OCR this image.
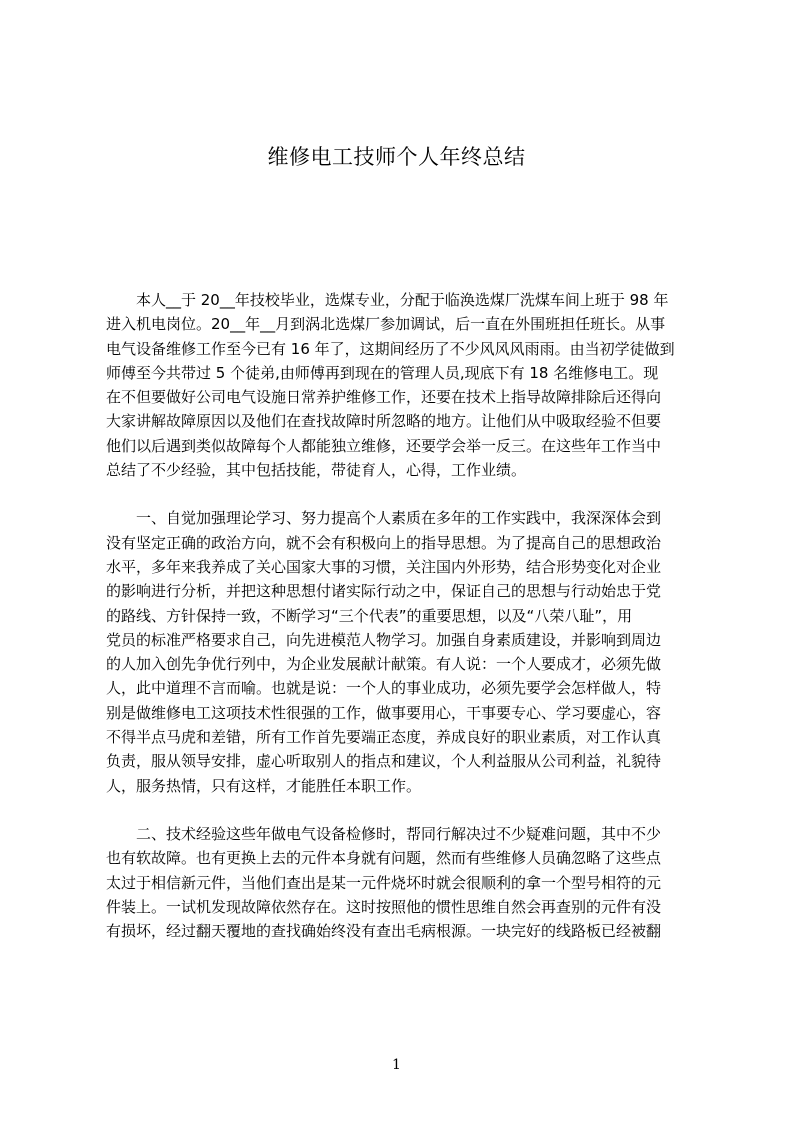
维修电工技师个人年终总结
本人__于 20__年技校毕业，选煤专业，分配于临涣选煤厂洗煤车间上班于 98 年
进入机电岗位。20__年__月到涡北选煤厂参加调试，后一直在外围班担任班长。从事
电气设备维修工作至今已有 16 年了，这期间经历了不少风风风雨雨。由当初学徒做到
师傅至今共带过 5 个徒弟,由师傅再到现在的管理人员,现底下有 18 名维修电工。现
在不但要做好公司电气设施日常养护维修工作，还要在技术上指导故障排除后还得向
大家讲解故障原因以及他们在查找故障时所忽略的地方。让他们从中吸取经验不但要
他们以后遇到类似故障每个人都能独立维修，还要学会举一反三。在这些年工作当中
总结了不少经验，其中包括技能，带徒育人，心得，工作业绩。
一、自觉加强理论学习、努力提高个人素质在多年的工作实践中，我深深体会到
没有坚定正确的政治方向，就不会有积极向上的指导思想。为了提高自己的思想政治
水平，多年来我养成了关心国家大事的习惯，关注国内外形势，结合形势变化对企业
的影响进行分析，并把这种思想付诸实际行动之中，保证自己的思想与行动始忠于党
的路线、方针保持一致，不断学习“三个代表”的重要思想，以及“八荣八耻”，用
党员的标准严格要求自己，向先进模范人物学习。加强自身素质建设，并影响到周边
的人加入创先争优行列中，为企业发展献计献策。有人说：一个人要成才，必须先做
人，此中道理不言而喻。也就是说：一个人的事业成功，必须先要学会怎样做人，特
别是做维修电工这项技术性很强的工作，做事要用心，干事要专心、学习要虚心，容
不得半点马虎和差错，所有工作首先要端正态度，养成良好的职业素质，对工作认真
负责，服从领导安排，虚心听取别人的指点和建议，个人利益服从公司利益，礼貌待
人，服务热情，只有这样，才能胜任本职工作。
二、技术经验这些年做电气设备检修时，帮同行解决过不少疑难问题，其中不少
也有软故障。也有更换上去的元件本身就有问题，然而有些维修人员确忽略了这些点
太过于相信新元件，当他们查出是某一元件烧坏时就会很顺利的拿一个型号相符的元
件装上。一试机发现故障依然存在。这时按照他的惯性思维自然会再查别的元件有没
有损坏，经过翻天覆地的查找确始终没有查出毛病根源。一块完好的线路板已经被翻
1
